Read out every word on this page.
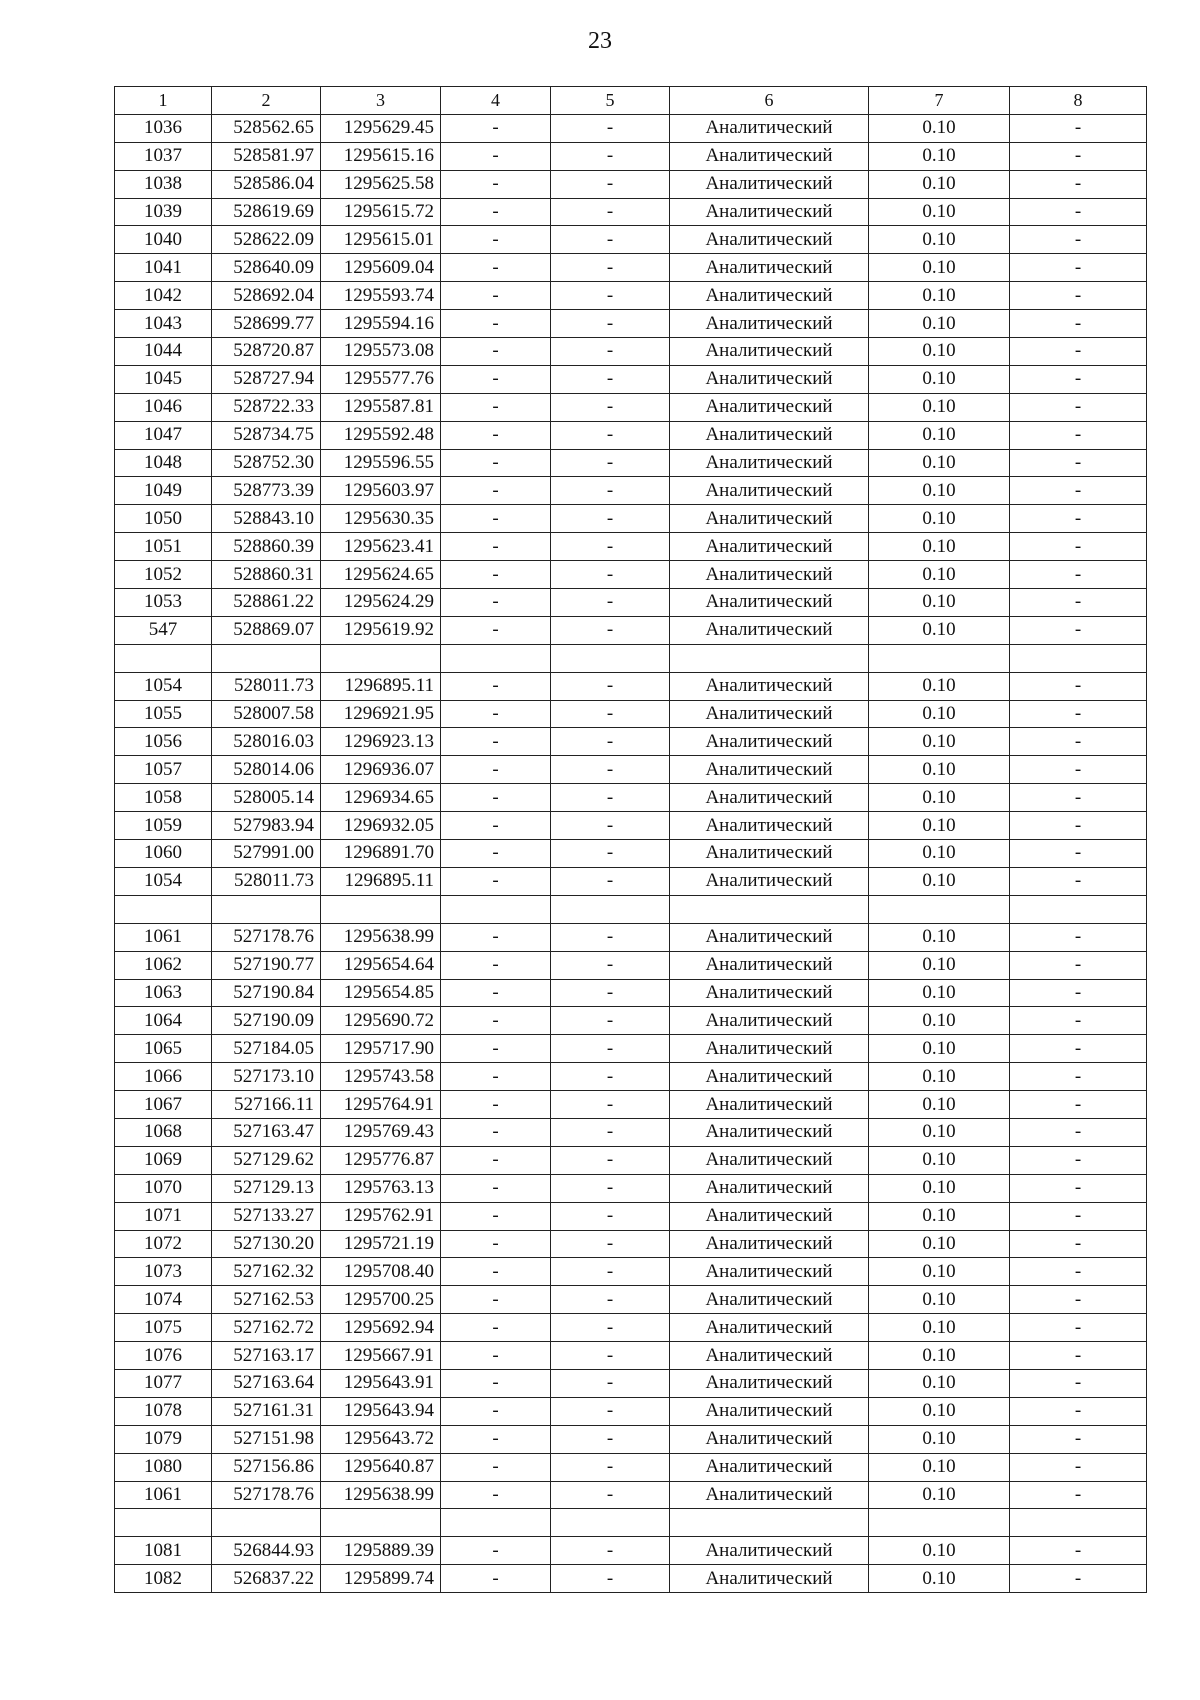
23
1	2	3	4	5	6	7	8
1036	528562.65	1295629.45	-	-	Аналитический	0.10	-
1037	528581.97	1295615.16	-	-	Аналитический	0.10	-
1038	528586.04	1295625.58	-	-	Аналитический	0.10	-
1039	528619.69	1295615.72	-	-	Аналитический	0.10	-
1040	528622.09	1295615.01	-	-	Аналитический	0.10	-
1041	528640.09	1295609.04	-	-	Аналитический	0.10	-
1042	528692.04	1295593.74	-	-	Аналитический	0.10	-
1043	528699.77	1295594.16	-	-	Аналитический	0.10	-
1044	528720.87	1295573.08	-	-	Аналитический	0.10	-
1045	528727.94	1295577.76	-	-	Аналитический	0.10	-
1046	528722.33	1295587.81	-	-	Аналитический	0.10	-
1047	528734.75	1295592.48	-	-	Аналитический	0.10	-
1048	528752.30	1295596.55	-	-	Аналитический	0.10	-
1049	528773.39	1295603.97	-	-	Аналитический	0.10	-
1050	528843.10	1295630.35	-	-	Аналитический	0.10	-
1051	528860.39	1295623.41	-	-	Аналитический	0.10	-
1052	528860.31	1295624.65	-	-	Аналитический	0.10	-
1053	528861.22	1295624.29	-	-	Аналитический	0.10	-
547	528869.07	1295619.92	-	-	Аналитический	0.10	-

1054	528011.73	1296895.11	-	-	Аналитический	0.10	-
1055	528007.58	1296921.95	-	-	Аналитический	0.10	-
1056	528016.03	1296923.13	-	-	Аналитический	0.10	-
1057	528014.06	1296936.07	-	-	Аналитический	0.10	-
1058	528005.14	1296934.65	-	-	Аналитический	0.10	-
1059	527983.94	1296932.05	-	-	Аналитический	0.10	-
1060	527991.00	1296891.70	-	-	Аналитический	0.10	-
1054	528011.73	1296895.11	-	-	Аналитический	0.10	-

1061	527178.76	1295638.99	-	-	Аналитический	0.10	-
1062	527190.77	1295654.64	-	-	Аналитический	0.10	-
1063	527190.84	1295654.85	-	-	Аналитический	0.10	-
1064	527190.09	1295690.72	-	-	Аналитический	0.10	-
1065	527184.05	1295717.90	-	-	Аналитический	0.10	-
1066	527173.10	1295743.58	-	-	Аналитический	0.10	-
1067	527166.11	1295764.91	-	-	Аналитический	0.10	-
1068	527163.47	1295769.43	-	-	Аналитический	0.10	-
1069	527129.62	1295776.87	-	-	Аналитический	0.10	-
1070	527129.13	1295763.13	-	-	Аналитический	0.10	-
1071	527133.27	1295762.91	-	-	Аналитический	0.10	-
1072	527130.20	1295721.19	-	-	Аналитический	0.10	-
1073	527162.32	1295708.40	-	-	Аналитический	0.10	-
1074	527162.53	1295700.25	-	-	Аналитический	0.10	-
1075	527162.72	1295692.94	-	-	Аналитический	0.10	-
1076	527163.17	1295667.91	-	-	Аналитический	0.10	-
1077	527163.64	1295643.91	-	-	Аналитический	0.10	-
1078	527161.31	1295643.94	-	-	Аналитический	0.10	-
1079	527151.98	1295643.72	-	-	Аналитический	0.10	-
1080	527156.86	1295640.87	-	-	Аналитический	0.10	-
1061	527178.76	1295638.99	-	-	Аналитический	0.10	-

1081	526844.93	1295889.39	-	-	Аналитический	0.10	-
1082	526837.22	1295899.74	-	-	Аналитический	0.10	-
